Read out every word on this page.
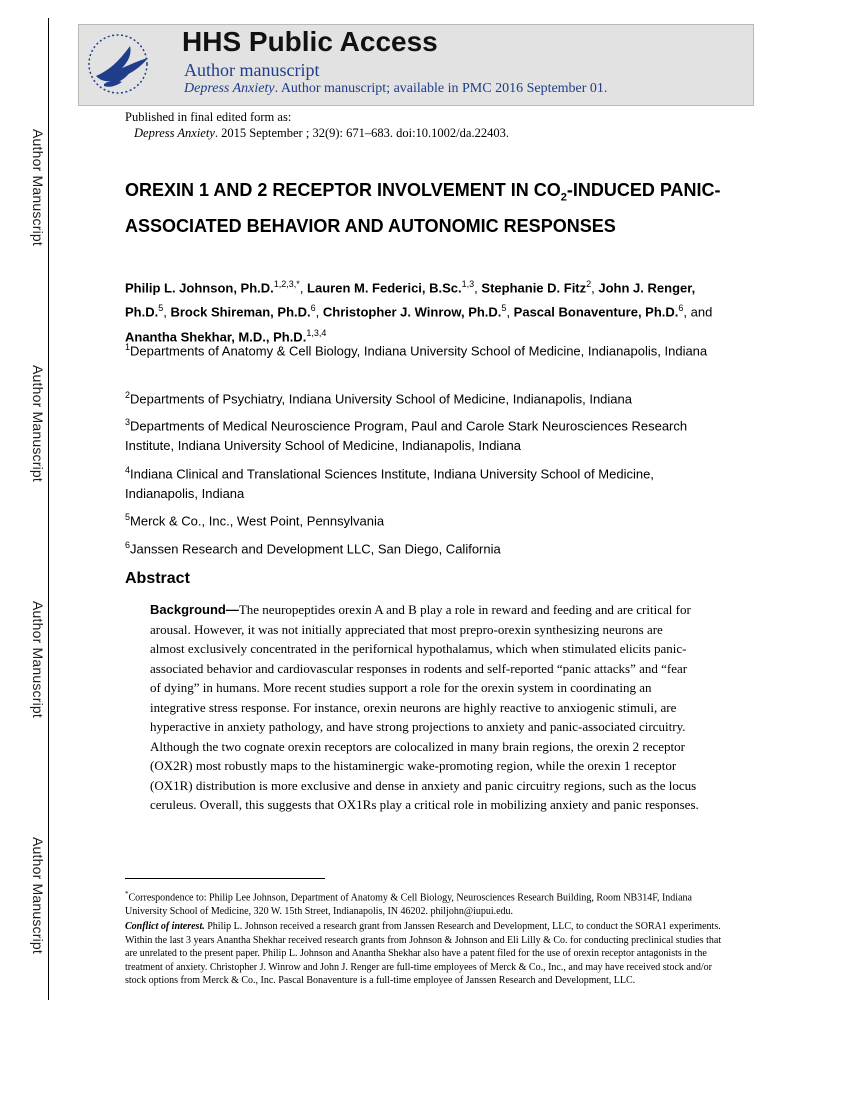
Author Manuscript
Author Manuscript
Author Manuscript
Author Manuscript
HHS Public Access
Author manuscript
Depress Anxiety. Author manuscript; available in PMC 2016 September 01.
Published in final edited form as:
Depress Anxiety. 2015 September ; 32(9): 671–683. doi:10.1002/da.22403.
OREXIN 1 AND 2 RECEPTOR INVOLVEMENT IN $CO_2$-INDUCED PANIC-ASSOCIATED BEHAVIOR AND AUTONOMIC RESPONSES
Philip L. Johnson, Ph.D.$^{1,2,3,*}$, Lauren M. Federici, B.Sc.$^{1,3}$, Stephanie D. Fitz$^2$, John J. Renger, Ph.D.$^5$, Brock Shireman, Ph.D.$^6$, Christopher J. Winrow, Ph.D.$^5$, Pascal Bonaventure, Ph.D.$^6$, and Anantha Shekhar, M.D., Ph.D.$^{1,3,4}$
$^1$Departments of Anatomy & Cell Biology, Indiana University School of Medicine, Indianapolis, Indiana
$^2$Departments of Psychiatry, Indiana University School of Medicine, Indianapolis, Indiana
$^3$Departments of Medical Neuroscience Program, Paul and Carole Stark Neurosciences Research Institute, Indiana University School of Medicine, Indianapolis, Indiana
$^4$Indiana Clinical and Translational Sciences Institute, Indiana University School of Medicine, Indianapolis, Indiana
$^5$Merck & Co., Inc., West Point, Pennsylvania
$^6$Janssen Research and Development LLC, San Diego, California
Abstract
Background—The neuropeptides orexin A and B play a role in reward and feeding and are critical for arousal. However, it was not initially appreciated that most prepro-orexin synthesizing neurons are almost exclusively concentrated in the perifornical hypothalamus, which when stimulated elicits panic-associated behavior and cardiovascular responses in rodents and self-reported “panic attacks” and “fear of dying” in humans. More recent studies support a role for the orexin system in coordinating an integrative stress response. For instance, orexin neurons are highly reactive to anxiogenic stimuli, are hyperactive in anxiety pathology, and have strong projections to anxiety and panic-associated circuitry. Although the two cognate orexin receptors are colocalized in many brain regions, the orexin 2 receptor (OX2R) most robustly maps to the histaminergic wake-promoting region, while the orexin 1 receptor (OX1R) distribution is more exclusive and dense in anxiety and panic circuitry regions, such as the locus ceruleus. Overall, this suggests that OX1Rs play a critical role in mobilizing anxiety and panic responses.
*Correspondence to: Philip Lee Johnson, Department of Anatomy & Cell Biology, Neurosciences Research Building, Room NB314F, Indiana University School of Medicine, 320 W. 15th Street, Indianapolis, IN 46202. philjohn@iupui.edu.
Conflict of interest. Philip L. Johnson received a research grant from Janssen Research and Development, LLC, to conduct the SORA1 experiments. Within the last 3 years Anantha Shekhar received research grants from Johnson & Johnson and Eli Lilly & Co. for conducting preclinical studies that are unrelated to the present paper. Philip L. Johnson and Anantha Shekhar also have a patent filed for the use of orexin receptor antagonists in the treatment of anxiety. Christopher J. Winrow and John J. Renger are full-time employees of Merck & Co., Inc., and may have received stock and/or stock options from Merck & Co., Inc. Pascal Bonaventure is a full-time employee of Janssen Research and Development, LLC.
